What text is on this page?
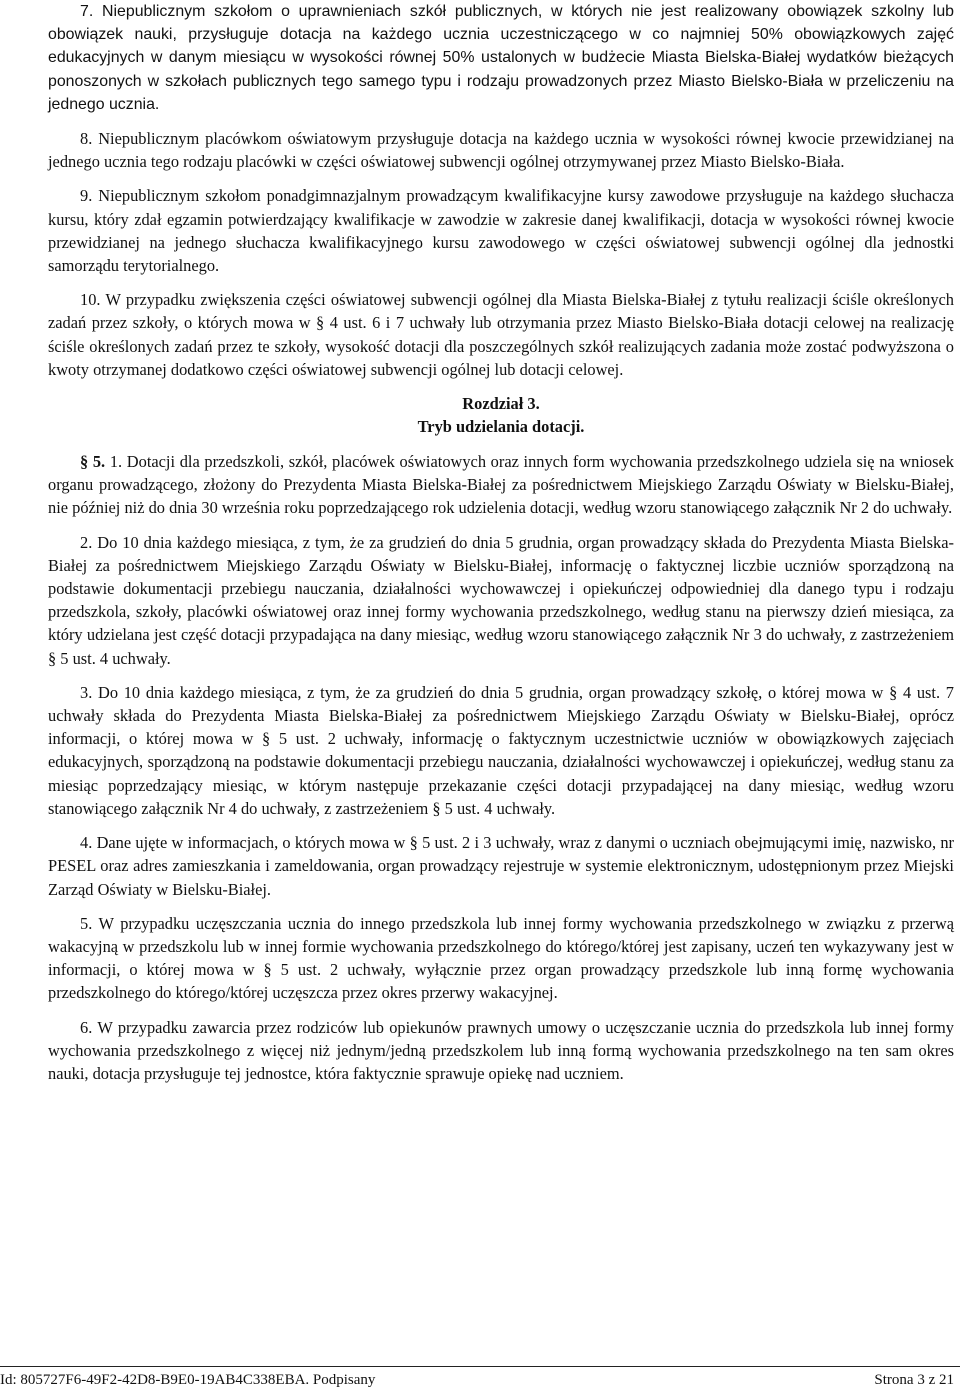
7. Niepublicznym szkołom o uprawnieniach szkół publicznych, w których nie jest realizowany obowiązek szkolny lub obowiązek nauki, przysługuje dotacja na każdego ucznia uczestniczącego w co najmniej 50% obowiązkowych zajęć edukacyjnych w danym miesiącu w wysokości równej 50% ustalonych w budżecie Miasta Bielska-Białej wydatków bieżących ponoszonych w szkołach publicznych tego samego typu i rodzaju prowadzonych przez Miasto Bielsko-Biała w przeliczeniu na jednego ucznia.

8. Niepublicznym placówkom oświatowym przysługuje dotacja na każdego ucznia w wysokości równej kwocie przewidzianej na jednego ucznia tego rodzaju placówki w części oświatowej subwencji ogólnej otrzymywanej przez Miasto Bielsko-Biała.

9. Niepublicznym szkołom ponadgimnazjalnym prowadzącym kwalifikacyjne kursy zawodowe przysługuje na każdego słuchacza kursu, który zdał egzamin potwierdzający kwalifikacje w zawodzie w zakresie danej kwalifikacji, dotacja w wysokości równej kwocie przewidzianej na jednego słuchacza kwalifikacyjnego kursu zawodowego w części oświatowej subwencji ogólnej dla jednostki samorządu terytorialnego.

10. W przypadku zwiększenia części oświatowej subwencji ogólnej dla Miasta Bielska-Białej z tytułu realizacji ściśle określonych zadań przez szkoły, o których mowa w § 4 ust. 6 i 7 uchwały lub otrzymania przez Miasto Bielsko-Biała dotacji celowej na realizację ściśle określonych zadań przez te szkoły, wysokość dotacji dla poszczególnych szkół realizujących zadania może zostać podwyższona o kwoty otrzymanej dodatkowo części oświatowej subwencji ogólnej lub dotacji celowej.

Rozdział 3.

Tryb udzielania dotacji.

§ 5. 1. Dotacji dla przedszkoli, szkół, placówek oświatowych oraz innych form wychowania przedszkolnego udziela się na wniosek organu prowadzącego, złożony do Prezydenta Miasta Bielska-Białej za pośrednictwem Miejskiego Zarządu Oświaty w Bielsku-Białej, nie później niż do dnia 30 września roku poprzedzającego rok udzielenia dotacji, według wzoru stanowiącego załącznik Nr 2 do uchwały.

2. Do 10 dnia każdego miesiąca, z tym, że za grudzień do dnia 5 grudnia, organ prowadzący składa do Prezydenta Miasta Bielska-Białej za pośrednictwem Miejskiego Zarządu Oświaty w Bielsku-Białej, informację o faktycznej liczbie uczniów sporządzoną na podstawie dokumentacji przebiegu nauczania, działalności wychowawczej i opiekuńczej odpowiedniej dla danego typu i rodzaju przedszkola, szkoły, placówki oświatowej oraz innej formy wychowania przedszkolnego, według stanu na pierwszy dzień miesiąca, za który udzielana jest część dotacji przypadająca na dany miesiąc, według wzoru stanowiącego załącznik Nr 3 do uchwały, z zastrzeżeniem § 5 ust. 4 uchwały.

3. Do 10 dnia każdego miesiąca, z tym, że za grudzień do dnia 5 grudnia, organ prowadzący szkołę, o której mowa w § 4 ust. 7 uchwały składa do Prezydenta Miasta Bielska-Białej za pośrednictwem Miejskiego Zarządu Oświaty w Bielsku-Białej, oprócz informacji, o której mowa w § 5 ust. 2 uchwały, informację o faktycznym uczestnictwie uczniów w obowiązkowych zajęciach edukacyjnych, sporządzoną na podstawie dokumentacji przebiegu nauczania, działalności wychowawczej i opiekuńczej, według stanu za miesiąc poprzedzający miesiąc, w którym następuje przekazanie części dotacji przypadającej na dany miesiąc, według wzoru stanowiącego załącznik Nr 4 do uchwały, z zastrzeżeniem § 5 ust. 4 uchwały.

4. Dane ujęte w informacjach, o których mowa w § 5 ust. 2 i 3 uchwały, wraz z danymi o uczniach obejmującymi imię, nazwisko, nr PESEL oraz adres zamieszkania i zameldowania, organ prowadzący rejestruje w systemie elektronicznym, udostępnionym przez Miejski Zarząd Oświaty w Bielsku-Białej.

5. W przypadku uczęszczania ucznia do innego przedszkola lub innej formy wychowania przedszkolnego w związku z przerwą wakacyjną w przedszkolu lub w innej formie wychowania przedszkolnego do którego/której jest zapisany, uczeń ten wykazywany jest w informacji, o której mowa w § 5 ust. 2 uchwały, wyłącznie przez organ prowadzący przedszkole lub inną formę wychowania przedszkolnego do którego/której uczęszcza przez okres przerwy wakacyjnej.

6. W przypadku zawarcia przez rodziców lub opiekunów prawnych umowy o uczęszczanie ucznia do przedszkola lub innej formy wychowania przedszkolnego z więcej niż jednym/jedną przedszkolem lub inną formą wychowania przedszkolnego na ten sam okres nauki, dotacja przysługuje tej jednostce, która faktycznie sprawuje opiekę nad uczniem.

Id: 805727F6-49F2-42D8-B9E0-19AB4C338EBA. Podpisany	Strona 3 z 21
